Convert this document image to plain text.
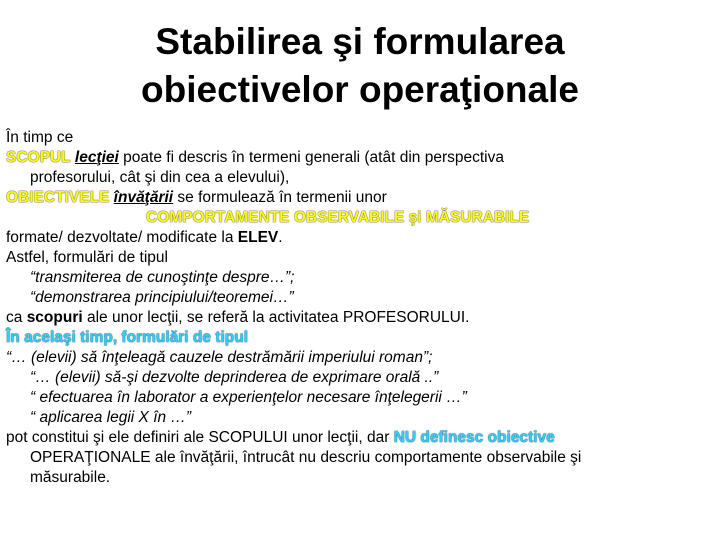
Stabilirea şi formularea
obiectivelor operaţionale
În timp ce
SCOPUL lecţiei poate fi descris în termeni generali (atât din perspectiva
profesorului, cât şi din cea a elevului),
OBIECTIVELE învăţării se formulează în termenii unor
COMPORTAMENTE OBSERVABILE şi MĂSURABILE
formate/ dezvoltate/ modificate la ELEV.
Astfel, formulări de tipul
“transmiterea de cunoştinţe despre…”;
“demonstrarea principiului/teoremei…”
ca scopuri ale unor lecţii, se referă la activitatea PROFESORULUI.
În acelaşi timp, formulări de tipul
“… (elevii) să înţeleagă cauzele destrămării imperiului roman”;
“… (elevii) să-şi dezvolte deprinderea de exprimare orală ..”
“ efectuarea în laborator a experienţelor necesare înţelegerii …”
“ aplicarea legii X în …”
pot constitui şi ele definiri ale SCOPULUI unor lecţii, dar NU definesc obiective
OPERAŢIONALE ale învăţării, întrucât nu descriu comportamente observabile şi
măsurabile.
